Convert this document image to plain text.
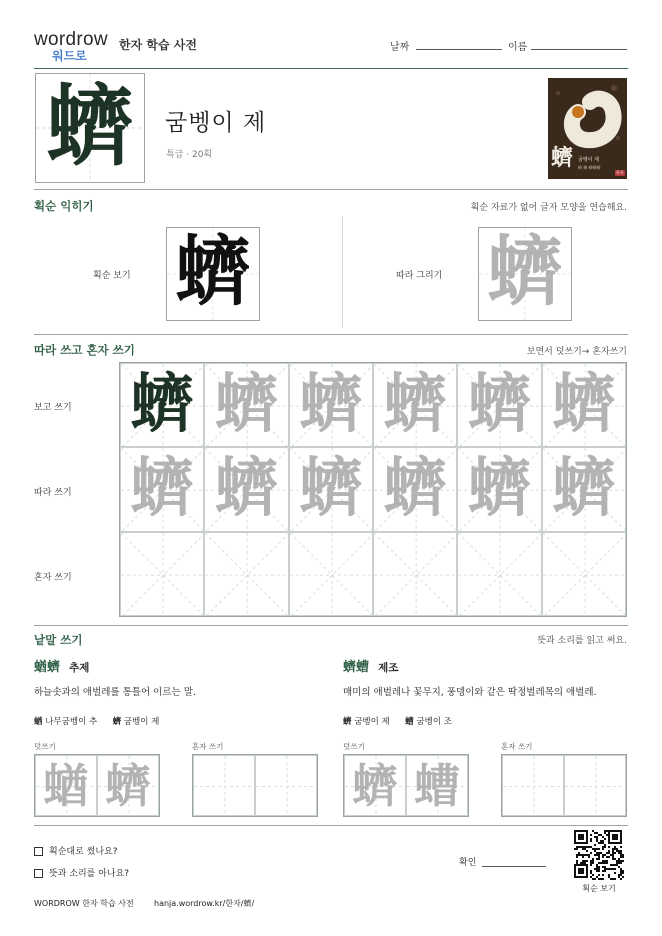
wordrow
워드로
한자 학습 사전	날짜	이름
蠐	굼벵이 제
특급 · 20획	蠐 굼벵이 제
蠐 蠐 蠐蠐蠐
한자
획순 익히기	획순 자료가 없어 글자 모양을 연습해요.
획순 보기 蠐	따라 그리기 蠐
따라 쓰고 혼자 쓰기	보면서 덧쓰기→ 혼자쓰기
보고 쓰기
따라 쓰기
혼자 쓰기
蠐 蠐 蠐 蠐 蠐 蠐
蠐 蠐 蠐 蠐 蠐 蠐
낱말 쓰기	뜻과 소리를 읽고 써요.
蝤蠐 추제
하늘솟과의 애벌레를 통틀어 이르는 말.
蝤 나무굼벵이 추 蠐 굼벵이 제
덧쓰기	혼자 쓰기
蝤 蠐
蠐螬 제조
매미의 애벌레나 꽃무지, 풍뎅이와 같은 딱정벌레목의 애벌레.
蠐 굼벵이 제 螬 굼벵이 조
덧쓰기	혼자 쓰기
蠐 螬
획순대로 썼나요?
뜻과 소리를 아나요?
확인
획순 보기
WORDROW 한자 학습 사전	hanja.wordrow.kr/한자/蠐/
